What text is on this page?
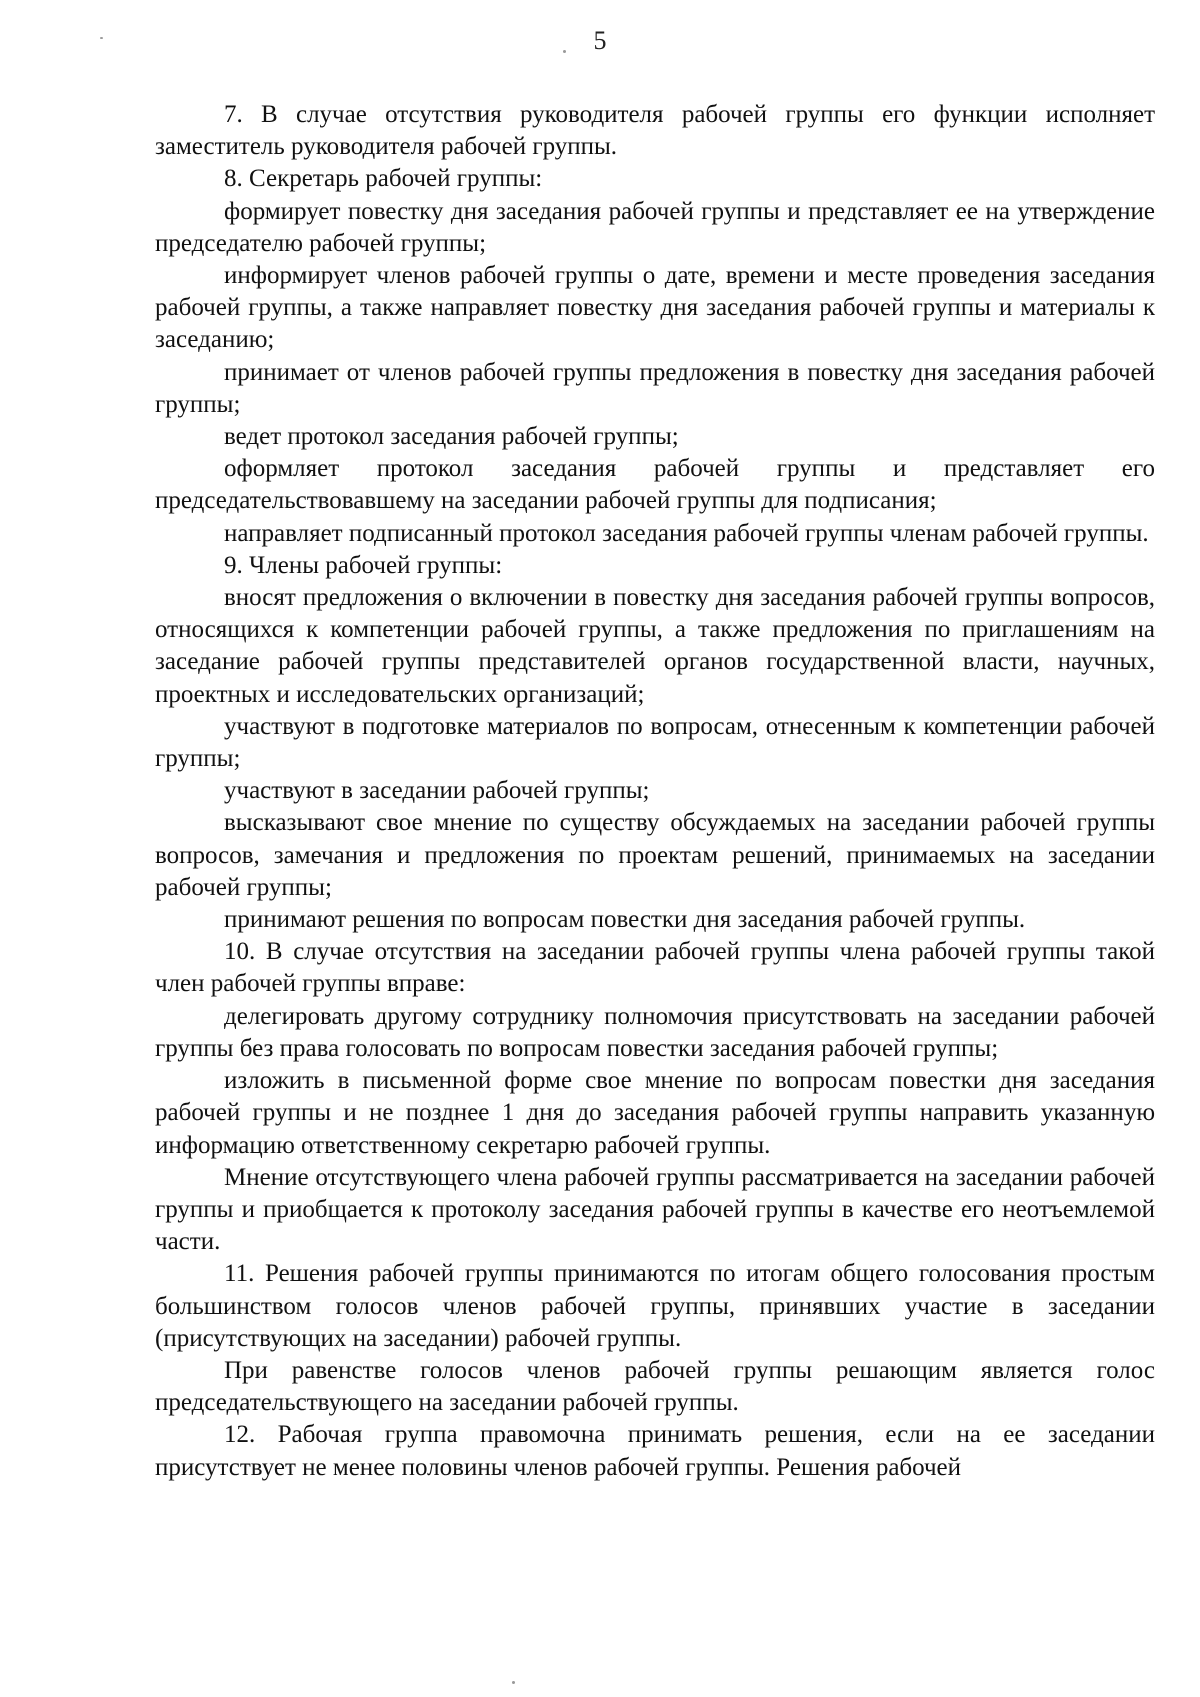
5

7. В случае отсутствия руководителя рабочей группы его функции исполняет заместитель руководителя рабочей группы.

8. Секретарь рабочей группы:

формирует повестку дня заседания рабочей группы и представляет ее на утверждение председателю рабочей группы;

информирует членов рабочей группы о дате, времени и месте проведения заседания рабочей группы, а также направляет повестку дня заседания рабочей группы и материалы к заседанию;

принимает от членов рабочей группы предложения в повестку дня заседания рабочей группы;

ведет протокол заседания рабочей группы;

оформляет протокол заседания рабочей группы и представляет его председательствовавшему на заседании рабочей группы для подписания;

направляет подписанный протокол заседания рабочей группы членам рабочей группы.

9. Члены рабочей группы:

вносят предложения о включении в повестку дня заседания рабочей группы вопросов, относящихся к компетенции рабочей группы, а также предложения по приглашениям на заседание рабочей группы представителей органов государственной власти, научных, проектных и исследовательских организаций;

участвуют в подготовке материалов по вопросам, отнесенным к компетенции рабочей группы;

участвуют в заседании рабочей группы;

высказывают свое мнение по существу обсуждаемых на заседании рабочей группы вопросов, замечания и предложения по проектам решений, принимаемых на заседании рабочей группы;

принимают решения по вопросам повестки дня заседания рабочей группы.

10. В случае отсутствия на заседании рабочей группы члена рабочей группы такой член рабочей группы вправе:

делегировать другому сотруднику полномочия присутствовать на заседании рабочей группы без права голосовать по вопросам повестки заседания рабочей группы;

изложить в письменной форме свое мнение по вопросам повестки дня заседания рабочей группы и не позднее 1 дня до заседания рабочей группы направить указанную информацию ответственному секретарю рабочей группы.

Мнение отсутствующего члена рабочей группы рассматривается на заседании рабочей группы и приобщается к протоколу заседания рабочей группы в качестве его неотъемлемой части.

11. Решения рабочей группы принимаются по итогам общего голосования простым большинством голосов членов рабочей группы, принявших участие в заседании (присутствующих на заседании) рабочей группы.

При равенстве голосов членов рабочей группы решающим является голос председательствующего на заседании рабочей группы.

12. Рабочая группа правомочна принимать решения, если на ее заседании присутствует не менее половины членов рабочей группы. Решения рабочей
